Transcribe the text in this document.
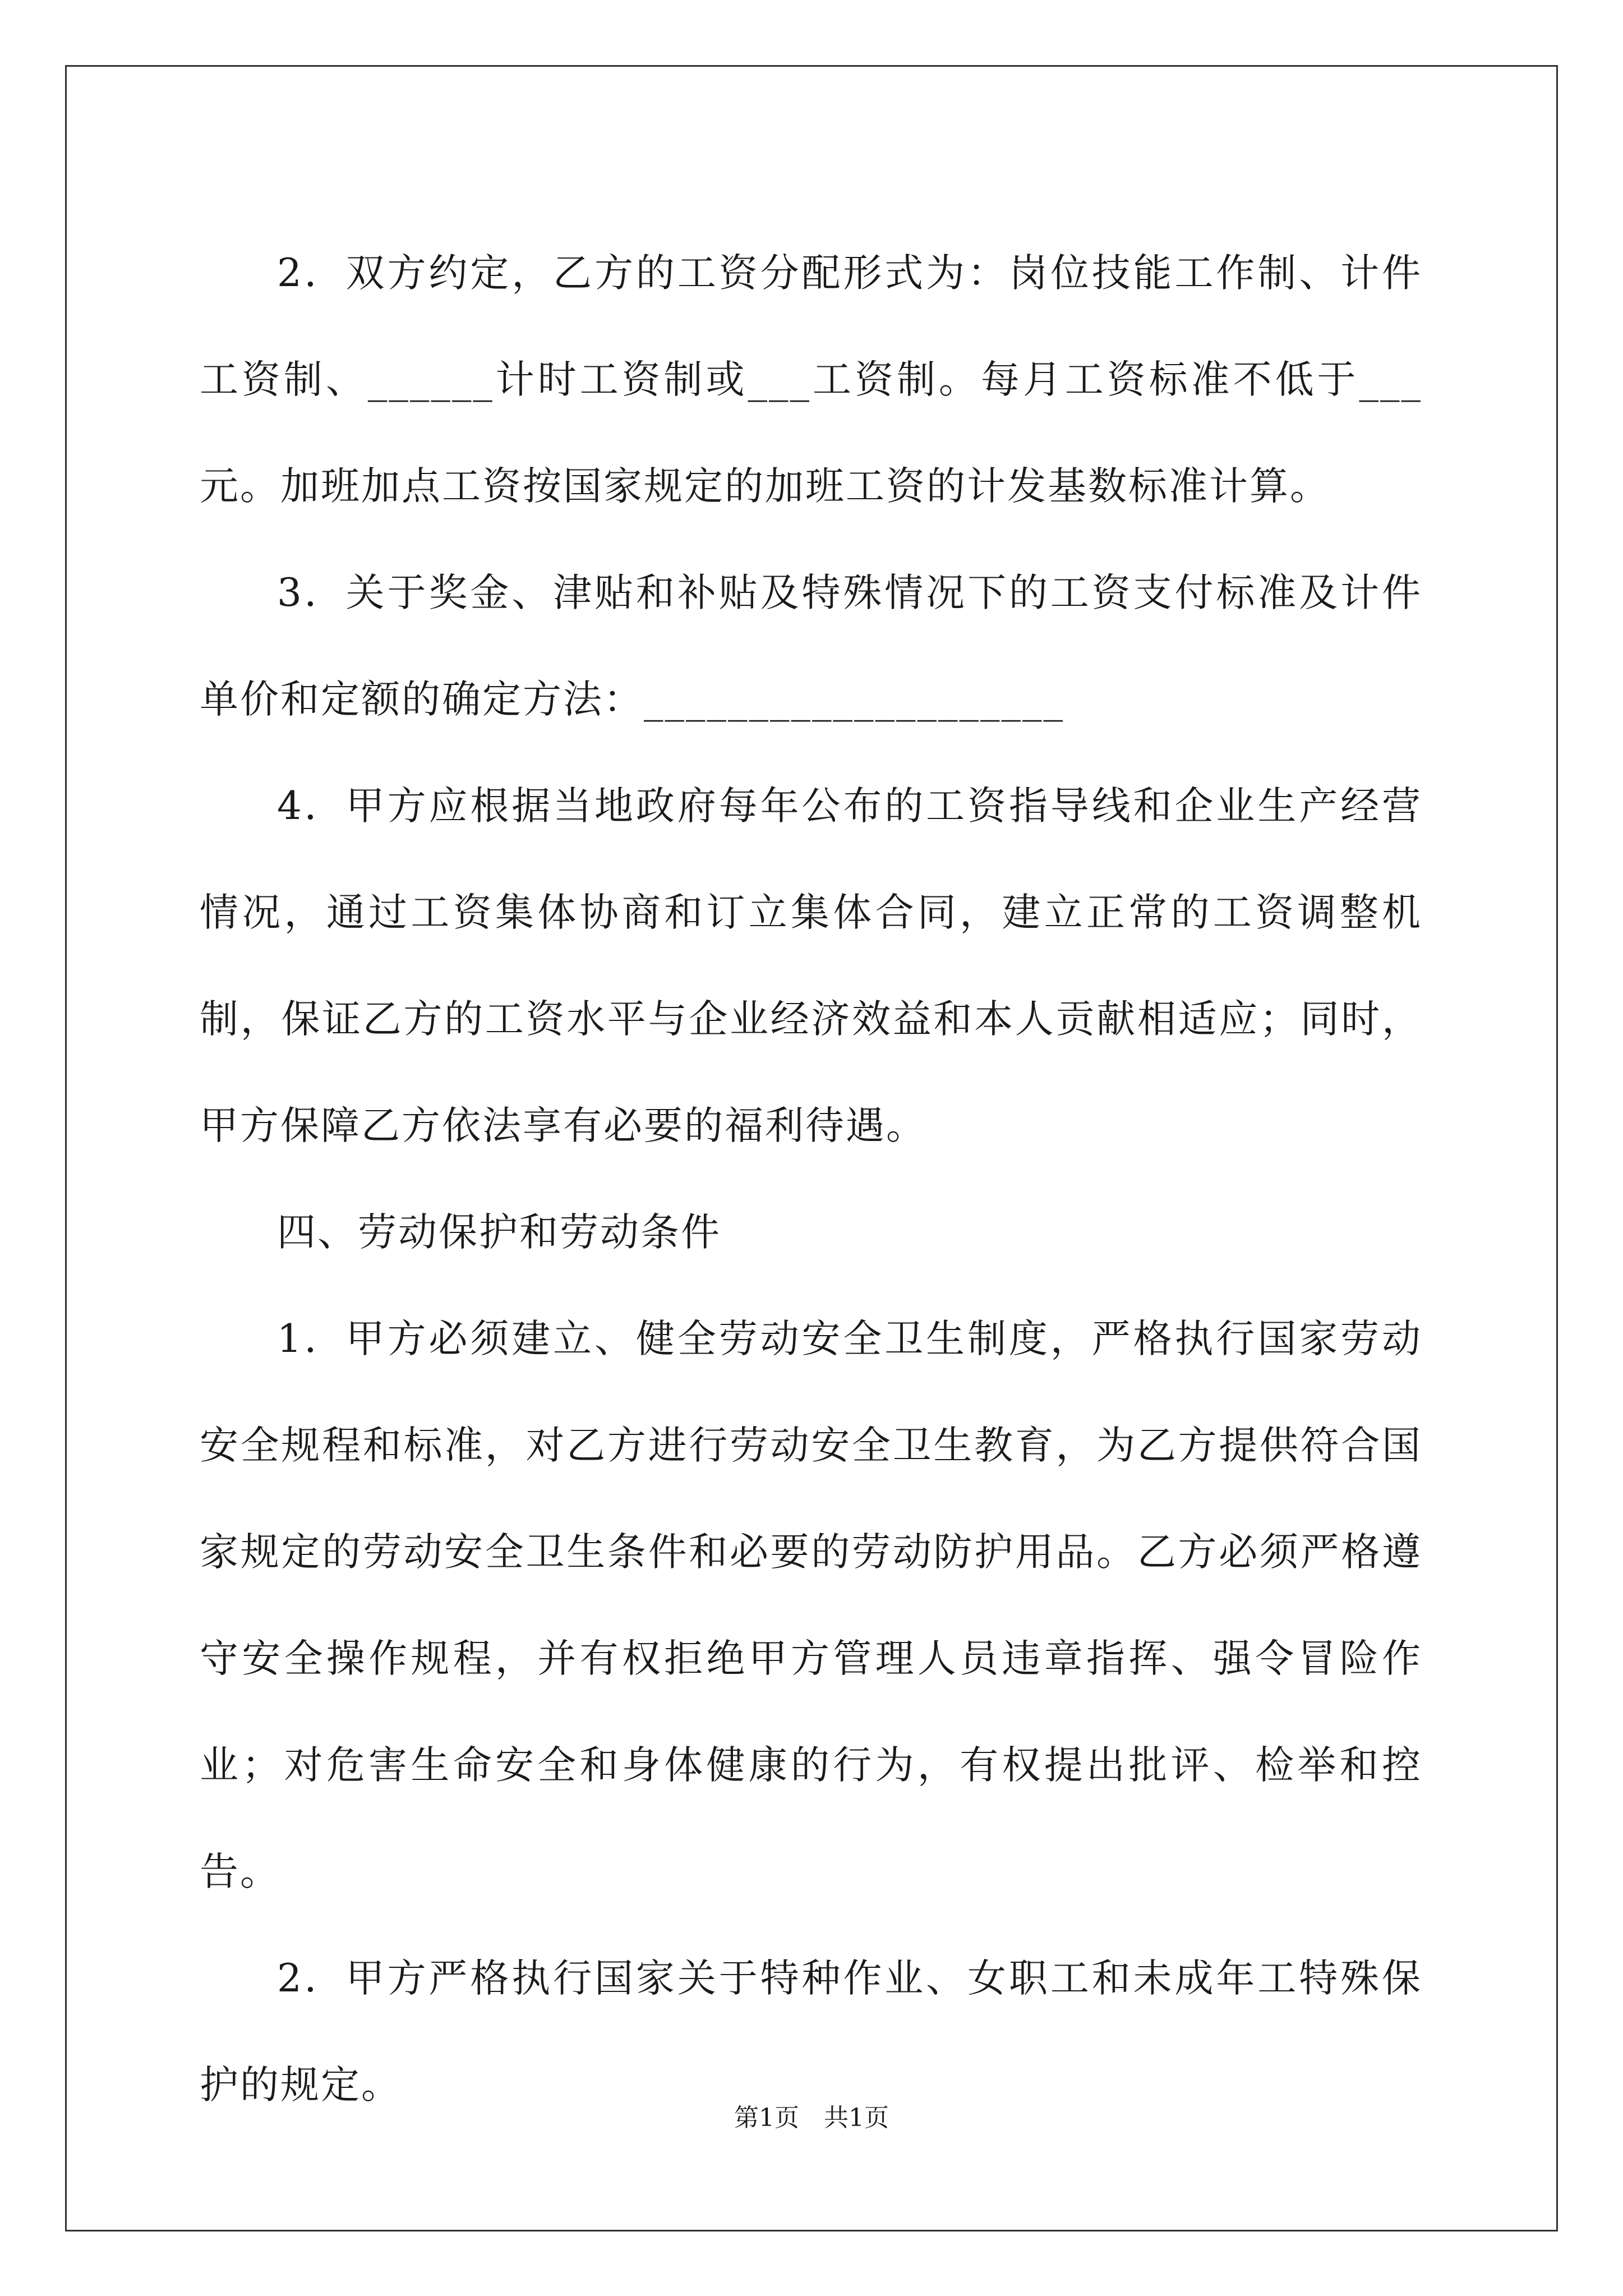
2．双方约定，乙方的工资分配形式为：岗位技能工作制、计件工资制、______计时工资制或___工资制。每月工资标准不低于___元。加班加点工资按国家规定的加班工资的计发基数标准计算。

3．关于奖金、津贴和补贴及特殊情况下的工资支付标准及计件单价和定额的确定方法：____________________

4．甲方应根据当地政府每年公布的工资指导线和企业生产经营情况，通过工资集体协商和订立集体合同，建立正常的工资调整机制，保证乙方的工资水平与企业经济效益和本人贡献相适应；同时，甲方保障乙方依法享有必要的福利待遇。

四、劳动保护和劳动条件

1．甲方必须建立、健全劳动安全卫生制度，严格执行国家劳动安全规程和标准，对乙方进行劳动安全卫生教育，为乙方提供符合国家规定的劳动安全卫生条件和必要的劳动防护用品。乙方必须严格遵守安全操作规程，并有权拒绝甲方管理人员违章指挥、强令冒险作业；对危害生命安全和身体健康的行为，有权提出批评、检举和控告。

2．甲方严格执行国家关于特种作业、女职工和未成年工特殊保护的规定。

第1页 共1页
